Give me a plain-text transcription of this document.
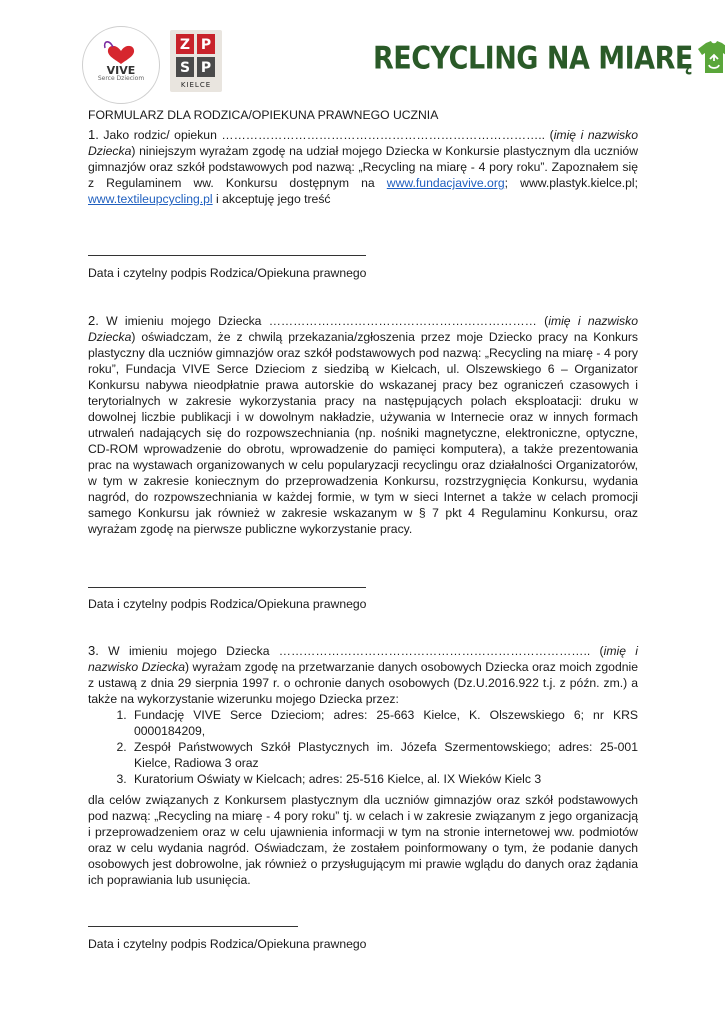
VIVE
Serce Dzieciom
Z P
S P
KIELCE
RECYCLING NA MIARĘ
FORMULARZ DLA RODZICA/OPIEKUNA PRAWNEGO UCZNIA
1. Jako rodzic/ opiekun …………………………………………………………………….. (imię i nazwisko Dziecka) niniejszym wyrażam zgodę na udział mojego Dziecka w Konkursie plastycznym dla uczniów gimnazjów oraz szkół podstawowych pod nazwą: „Recycling na miarę - 4 pory roku”. Zapoznałem się z Regulaminem ww. Konkursu dostępnym na www.fundacjavive.org; www.plastyk.kielce.pl; www.textileupcycling.pl i akceptuję jego treść
Data i czytelny podpis Rodzica/Opiekuna prawnego
2. W imieniu mojego Dziecka ………………………………………………………… (imię i nazwisko Dziecka) oświadczam, że z chwilą przekazania/zgłoszenia przez moje Dziecko pracy na Konkurs plastyczny dla uczniów gimnazjów oraz szkół podstawowych pod nazwą: „Recycling na miarę - 4 pory roku”, Fundacja VIVE Serce Dzieciom z siedzibą w Kielcach, ul. Olszewskiego 6 – Organizator Konkursu nabywa nieodpłatnie prawa autorskie do wskazanej pracy bez ograniczeń czasowych i terytorialnych w zakresie wykorzystania pracy na następujących polach eksploatacji: druku w dowolnej liczbie publikacji i w dowolnym nakładzie, używania w Internecie oraz w innych formach utrwaleń nadających się do rozpowszechniania (np. nośniki magnetyczne, elektroniczne, optyczne, CD-ROM wprowadzenie do obrotu, wprowadzenie do pamięci komputera), a także prezentowania prac na wystawach organizowanych w celu popularyzacji recyclingu oraz działalności Organizatorów, w tym w zakresie koniecznym do przeprowadzenia Konkursu, rozstrzygnięcia Konkursu, wydania nagród, do rozpowszechniania w każdej formie, w tym w sieci Internet a także w celach promocji samego Konkursu jak również w zakresie wskazanym w § 7 pkt 4 Regulaminu Konkursu, oraz wyrażam zgodę na pierwsze publiczne wykorzystanie pracy.
Data i czytelny podpis Rodzica/Opiekuna prawnego
3. W imieniu mojego Dziecka ………………………………………………………………….. (imię i nazwisko Dziecka) wyrażam zgodę na przetwarzanie danych osobowych Dziecka oraz moich zgodnie z ustawą z dnia 29 sierpnia 1997 r. o ochronie danych osobowych (Dz.U.2016.922 t.j. z późn. zm.) a także na wykorzystanie wizerunku mojego Dziecka przez:
1. Fundację VIVE Serce Dzieciom; adres: 25-663 Kielce, K. Olszewskiego 6; nr KRS 0000184209,
2. Zespół Państwowych Szkół Plastycznych im. Józefa Szermentowskiego; adres: 25-001 Kielce, Radiowa 3 oraz
3. Kuratorium Oświaty w Kielcach; adres: 25-516 Kielce, al. IX Wieków Kielc 3
dla celów związanych z Konkursem plastycznym dla uczniów gimnazjów oraz szkół podstawowych pod nazwą: „Recycling na miarę - 4 pory roku” tj. w celach i w zakresie związanym z jego organizacją i przeprowadzeniem oraz w celu ujawnienia informacji w tym na stronie internetowej ww. podmiotów oraz w celu wydania nagród. Oświadczam, że zostałem poinformowany o tym, że podanie danych osobowych jest dobrowolne, jak również o przysługującym mi prawie wglądu do danych oraz żądania ich poprawiania lub usunięcia.
Data i czytelny podpis Rodzica/Opiekuna prawnego
